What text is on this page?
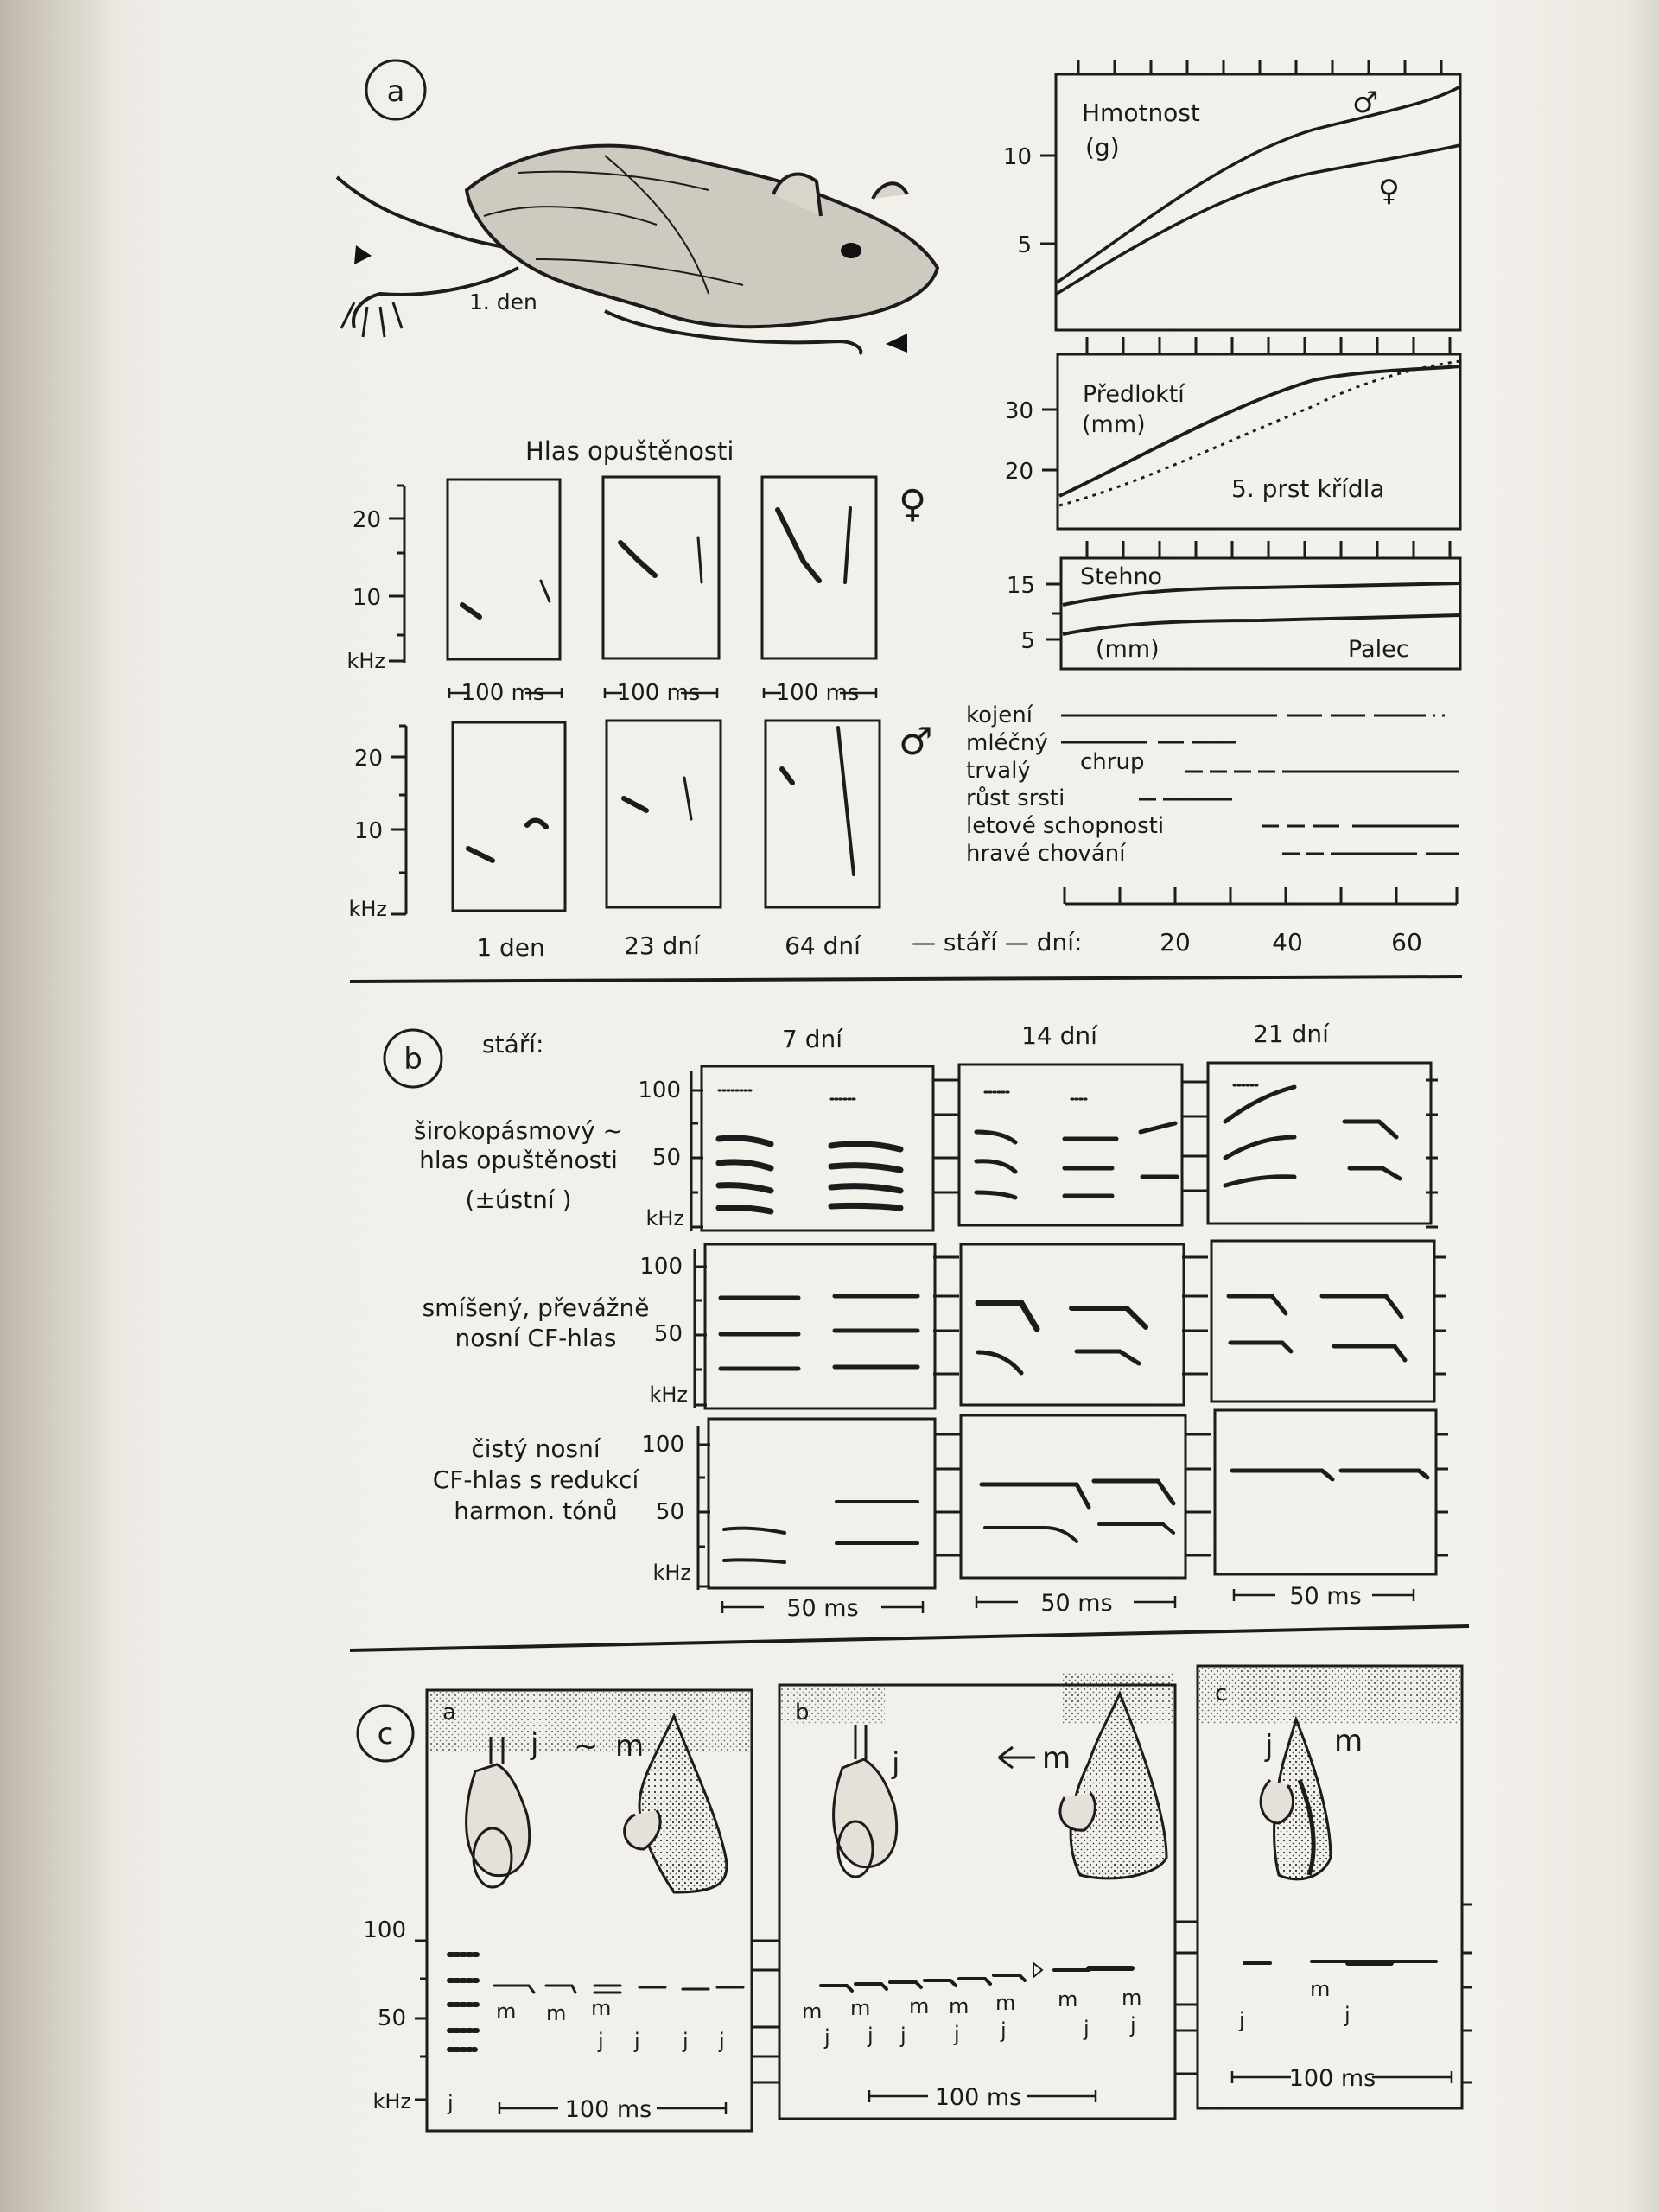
a
1. den
Hmotnost
(g)
♂
♀
10
5
Předloktí
(mm)
5. prst křídla
30
20
Stehno
(mm)	Palec
15
5
Hlas opuštěnosti
♀
♂
20
10
kHz
20
10
kHz
100 ms	100 ms	100 ms
1 den	23 dní	64 dní
kojení
mléčný
trvalý chrup
růst srsti
letové schopnosti
hravé chování
— stáří — dní:	20	40	60
b stáří:	7 dní	14 dní	21 dní
širokopásmový ~
hlas opuštěnosti
(±ústní )
smíšený, převážně
nosní CF-hlas
čistý nosní
CF-hlas s redukcí
harmon. tónů
100
50
kHz
100
50
kHz
100
50
kHz
50 ms	50 ms	50 ms
c
a	b
c
j ~ m	j	m	j m
100
50
kHz
m m m
j j j j
j
m m m m m m m
j j j j j	j j
m
j	j
100 ms	100 ms
100 ms
